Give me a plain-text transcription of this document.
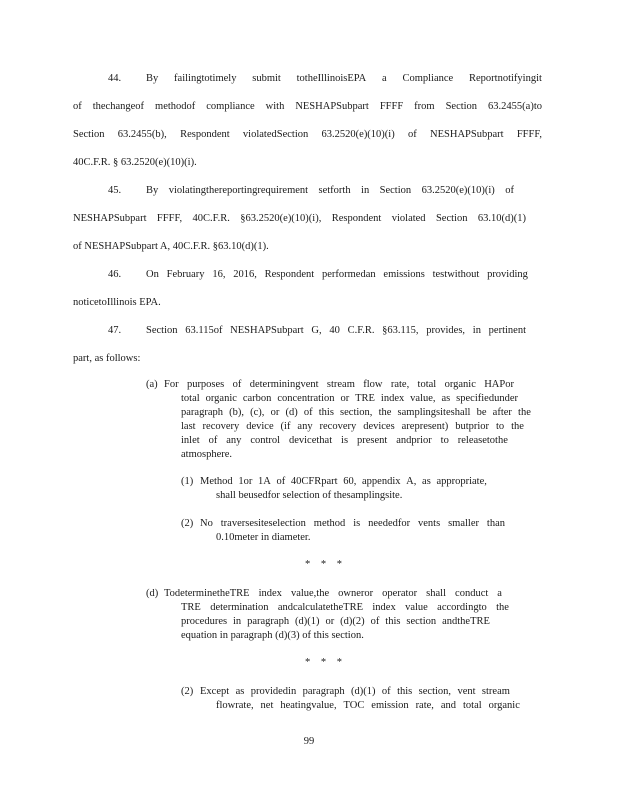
44. By failingtotimely submit totheIllinoisEPA a Compliance Reportnotifyingit
of thechangeof methodof compliance with NESHAPSubpart FFFF from Section 63.2455(a)to
Section 63.2455(b), Respondent violatedSection 63.2520(e)(10)(i) of NESHAPSubpart FFFF,
40C.F.R. § 63.2520(e)(10)(i).
45. By violatingthereportingrequirement setforth in Section 63.2520(e)(10)(i) of
NESHAPSubpart FFFF, 40C.F.R. §63.2520(e)(10)(i), Respondent violated Section 63.10(d)(1)
of NESHAPSubpart A, 40C.F.R. §63.10(d)(1).
46. On February 16, 2016, Respondent performedan emissions testwithout providing
noticetoIllinois EPA.
47. Section 63.115of NESHAPSubpart G, 40 C.F.R. §63.115, provides, in pertinent
part, as follows:
(a) For purposes of determiningvent stream flow rate, total organic HAPor
total organic carbon concentration or TRE index value, as specifiedunder
paragraph (b), (c), or (d) of this section, the samplingsiteshall be after the
last recovery device (if any recovery devices arepresent) butprior to the
inlet of any control devicethat is present andprior to releasetothe
atmosphere.
(1) Method 1or 1A of 40CFRpart 60, appendix A, as appropriate,
shall beusedfor selection of thesamplingsite.
(2) No traversesiteselection method is neededfor vents smaller than
0.10meter in diameter.
* * *
(d) TodeterminetheTRE index value,the owneror operator shall conduct a
TRE determination andcalculatetheTRE index value accordingto the
procedures in paragraph (d)(1) or (d)(2) of this section andtheTRE
equation in paragraph (d)(3) of this section.
* * *
(2) Except as providedin paragraph (d)(1) of this section, vent stream
flowrate, net heatingvalue, TOC emission rate, and total organic
99
